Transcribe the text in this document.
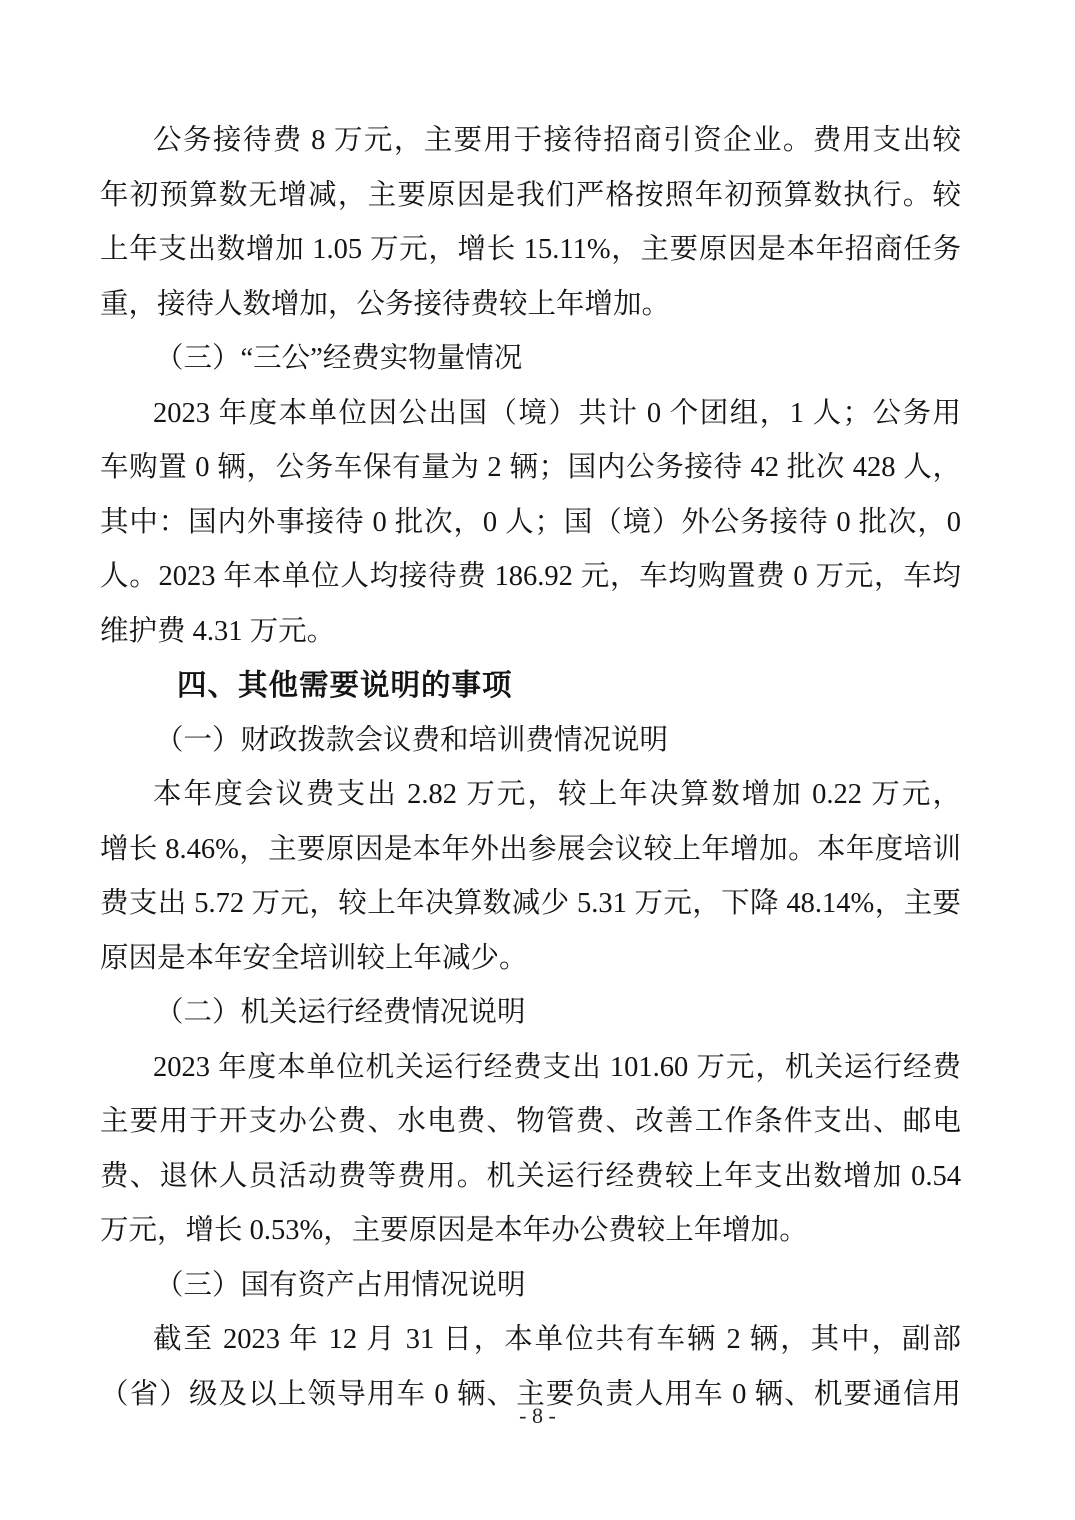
公务接待费 8 万元，主要用于接待招商引资企业。费用支出较

年初预算数无增减，主要原因是我们严格按照年初预算数执行。较

上年支出数增加 1.05 万元，增长 15.11%，主要原因是本年招商任务

重，接待人数增加，公务接待费较上年增加。

（三）“三公”经费实物量情况

2023 年度本单位因公出国（境）共计 0 个团组，1 人；公务用

车购置 0 辆，公务车保有量为 2 辆；国内公务接待 42 批次 428 人，

其中：国内外事接待 0 批次，0 人；国（境）外公务接待 0 批次，0

人。2023 年本单位人均接待费 186.92 元，车均购置费 0 万元，车均

维护费 4.31 万元。

四、其他需要说明的事项

（一）财政拨款会议费和培训费情况说明

本年度会议费支出 2.82 万元，较上年决算数增加 0.22 万元，

增长 8.46%，主要原因是本年外出参展会议较上年增加。本年度培训

费支出 5.72 万元，较上年决算数减少 5.31 万元，下降 48.14%，主要

原因是本年安全培训较上年减少。

（二）机关运行经费情况说明

2023 年度本单位机关运行经费支出 101.60 万元，机关运行经费

主要用于开支办公费、水电费、物管费、改善工作条件支出、邮电

费、退休人员活动费等费用。机关运行经费较上年支出数增加 0.54

万元，增长 0.53%，主要原因是本年办公费较上年增加。

（三）国有资产占用情况说明

截至 2023 年 12 月 31 日，本单位共有车辆 2 辆，其中，副部

（省）级及以上领导用车 0 辆、主要负责人用车 0 辆、机要通信用

- 8 -
